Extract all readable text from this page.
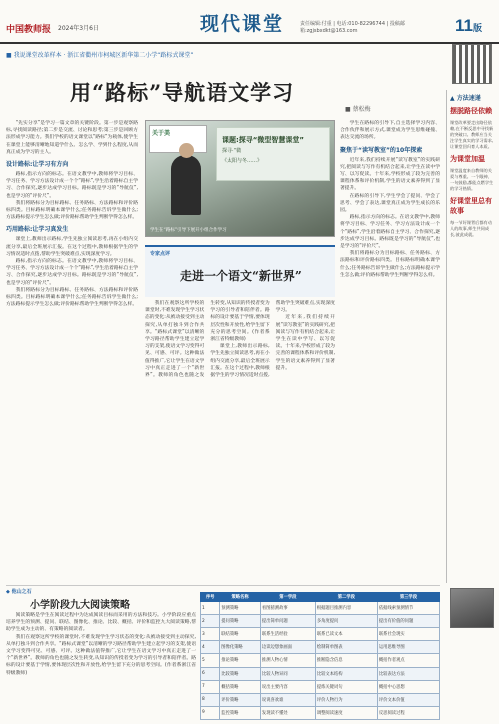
中国教师报 2024年3月6日	现代课堂	责任编辑:付重 | 电话:010-82296744 | 投稿邮箱:zgjsbxdkt@163.com	11版
■ 我说课堂改革样本 · 浙江省衢州市柯城区新华第二小学“路标式课堂”
用“路标”导航语文学习
■ 蔡松梅
课题:探寻“微型智慧课堂”
探寻·“微
《太阳与冬……》
关于美
学生在“路标”引导下展开小组合作学习

“先实分享”是学习一篇文章的关键阶段。第一步是观察路标,寻找阅读路径;第二步是交流、讨论和思考;第三步是回顾方法形成学习能力。我们学校的语文课堂以“路标”为载体,使学生在课堂上能够清晰地知道学什么、怎么学、学到什么程度,从而真正成为学习的主人。

设计路标:让学习有方向

路标,指示方向的标志。在语文教学中,教师将学习目标、学习任务、学习方法设计成一个个“路标”,学生沿着路标自主学习、合作探究,逐步达成学习目标。路标既是学习的“导航仪”,也是学习的“评价尺”。

我们将路标分为目标路标、任务路标、方法路标和评价路标四类。目标路标明确本课学什么;任务路标告诉学生做什么;方法路标提示学生怎么做;评价路标帮助学生判断学得怎么样。

巧用路标:让学习真发生

课堂上,教师出示路标,学生先独立阅读思考,再在小组内交流分享,最后全班展示汇报。在这个过程中,教师根据学生的学习情况适时点拨,帮助学生突破难点,实现深度学习。

路标,指示方向的标志。在语文教学中,教师将学习目标、学习任务、学习方法设计成一个个“路标”,学生沿着路标自主学习、合作探究,逐步达成学习目标。路标既是学习的“导航仪”,也是学习的“评价尺”。

我们将路标分为目标路标、任务路标、方法路标和评价路标四类。目标路标明确本课学什么;任务路标告诉学生做什么;方法路标提示学生怎么做;评价路标帮助学生判断学得怎么样。

专家点评
走进一个语文“新世界”

我们在观察这所学校的课堂时,不难发现学生学习状态的变化:从被动接受到主动探究,从单打独斗到合作共享。“路标式课堂”以清晰的学习路径帮助学生建立起学习的支架,使语文学习变得可见、可感、可评。这种做法值得推广,它让学生在语文学习中真正走进了一个“新世界”。教师的角色也随之发生转变,从知识的传授者变为学习的引导者和陪伴者。路标的设计要基于学情,要体现层次性和开放性,给学生留下充分的思考空间。(作者系浙江省特级教师)

课堂上,教师出示路标,学生先独立阅读思考,再在小组内交流分享,最后全班展示汇报。在这个过程中,教师根据学生的学习情况适时点拨,帮助学生突破难点,实现深度学习。

近年来,我们持续开展“读写教室”的实践研究,把阅读与写作有机结合起来,让学生在读中学写、以写促读。十年来,学校形成了较为完善的课程体系和评价机制,学生的语文素养得到了显著提升。

学生在路标的引导下,自主选择学习内容、合作伙伴和展示方式,课堂成为学生思维碰撞、表达交流的场所。

聚焦于“读写教室”的10年探索

近年来,我们持续开展“读写教室”的实践研究,把阅读与写作有机结合起来,让学生在读中学写、以写促读。十年来,学校形成了较为完善的课程体系和评价机制,学生的语文素养得到了显著提升。

在路标的引导下,学生学会了提问、学会了思考、学会了表达,课堂真正成为学生成长的乐园。

路标,指示方向的标志。在语文教学中,教师将学习目标、学习任务、学习方法设计成一个个“路标”,学生沿着路标自主学习、合作探究,逐步达成学习目标。路标既是学习的“导航仪”,也是学习的“评价尺”。

我们将路标分为目标路标、任务路标、方法路标和评价路标四类。目标路标明确本课学什么;任务路标告诉学生做什么;方法路标提示学生怎么做;评价路标帮助学生判断学得怎么样。

▲ 方法速递
摆脱路径依赖
课堂改革要走出路径依赖,在不断反思中寻找新的突破口。教师应当关注学生真实的学习需求,让课堂回归育人本质。
为课堂加温
课堂温度来自教师的关爱与尊重。一个眼神、一句鼓励,都能点燃学生的学习热情。
好课堂里总有故事
每一节好课背后都有动人的故事,师生共同成长,彼此成就。
◆ 他山之石
小学阶段九大阅读策略

阅读策略是学生在阅读过程中为达成阅读目标而采用的方法和技巧。小学阶段应重点培养学生的预测、提问、联结、图像化、推论、比较、概括、评价和监控九大阅读策略,帮助学生成为主动的、有策略的阅读者。

我们在观察这所学校的课堂时,不难发现学生学习状态的变化:从被动接受到主动探究,从单打独斗到合作共享。“路标式课堂”以清晰的学习路径帮助学生建立起学习的支架,使语文学习变得可见、可感、可评。这种做法值得推广,它让学生在语文学习中真正走进了一个“新世界”。教师的角色也随之发生转变,从知识的传授者变为学习的引导者和陪伴者。路标的设计要基于学情,要体现层次性和开放性,给学生留下充分的思考空间。(作者系浙江省特级教师)

序号	策略名称	第一学段	第二学段	第三学段
1	预测策略	看图猜测故事	根据题目推测内容	依据线索预测情节
2	提问策略	提出简单问题	多角度提问	提出有价值的问题
3	联结策略	联系生活经验	联系已读文本	联系社会现实
4	图像化策略	边读边想象画面	绘制简单图表	运用思维导图
5	推论策略	推测人物心情	推断隐含信息	概括作者观点
6	比较策略	比较人物异同	比较文本结构	比较表达方法
7	概括策略	说出主要内容	提炼关键词句	概括中心思想
8	评价策略	说说喜欢谁	评价人物行为	评价文本价值
9	监控策略	发现读不懂处	调整阅读速度	反思阅读过程
